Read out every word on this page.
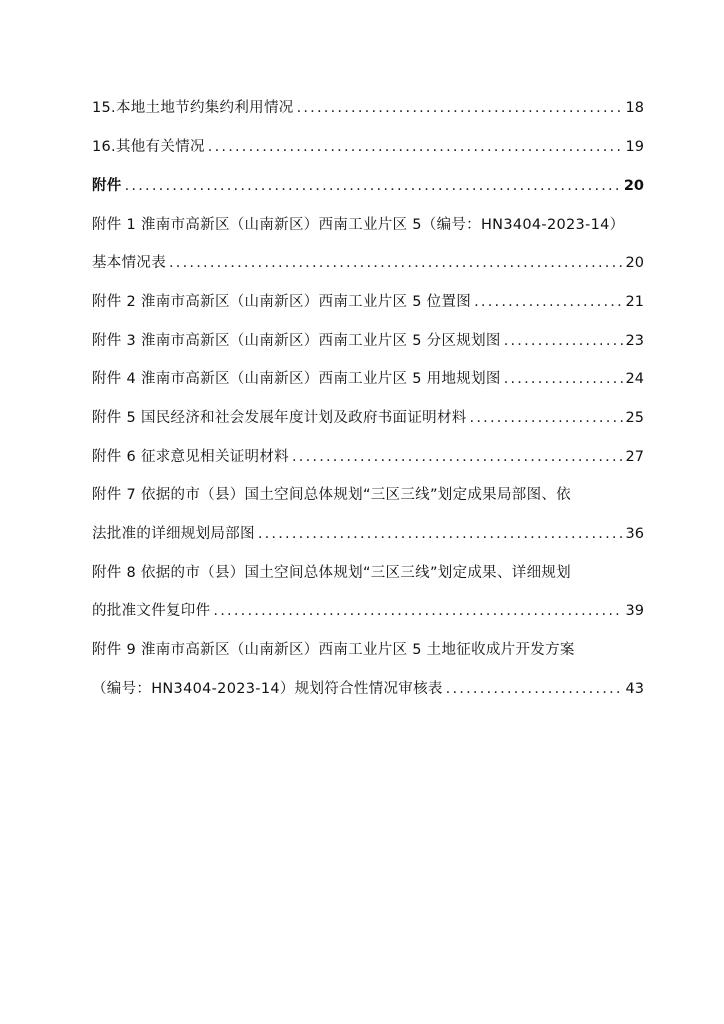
15.本地土地节约集约利用情况 .....	18
16.其他有关情况 .....	19
附件 .....	20
附件 1 淮南市高新区（山南新区）西南工业片区 5（编号：HN3404-2023-14）
基本情况表 .....	20
附件 2 淮南市高新区（山南新区）西南工业片区 5 位置图 .....	21
附件 3 淮南市高新区（山南新区）西南工业片区 5 分区规划图 .....	23
附件 4 淮南市高新区（山南新区）西南工业片区 5 用地规划图 .....	24
附件 5 国民经济和社会发展年度计划及政府书面证明材料 .....	25
附件 6 征求意见相关证明材料 .....	27
附件 7 依据的市（县）国土空间总体规划“三区三线”划定成果局部图、依
法批准的详细规划局部图 .....	36
附件 8 依据的市（县）国土空间总体规划“三区三线”划定成果、详细规划
的批准文件复印件 .....	39
附件 9 淮南市高新区（山南新区）西南工业片区 5 土地征收成片开发方案
（编号：HN3404-2023-14）规划符合性情况审核表 .....	43
